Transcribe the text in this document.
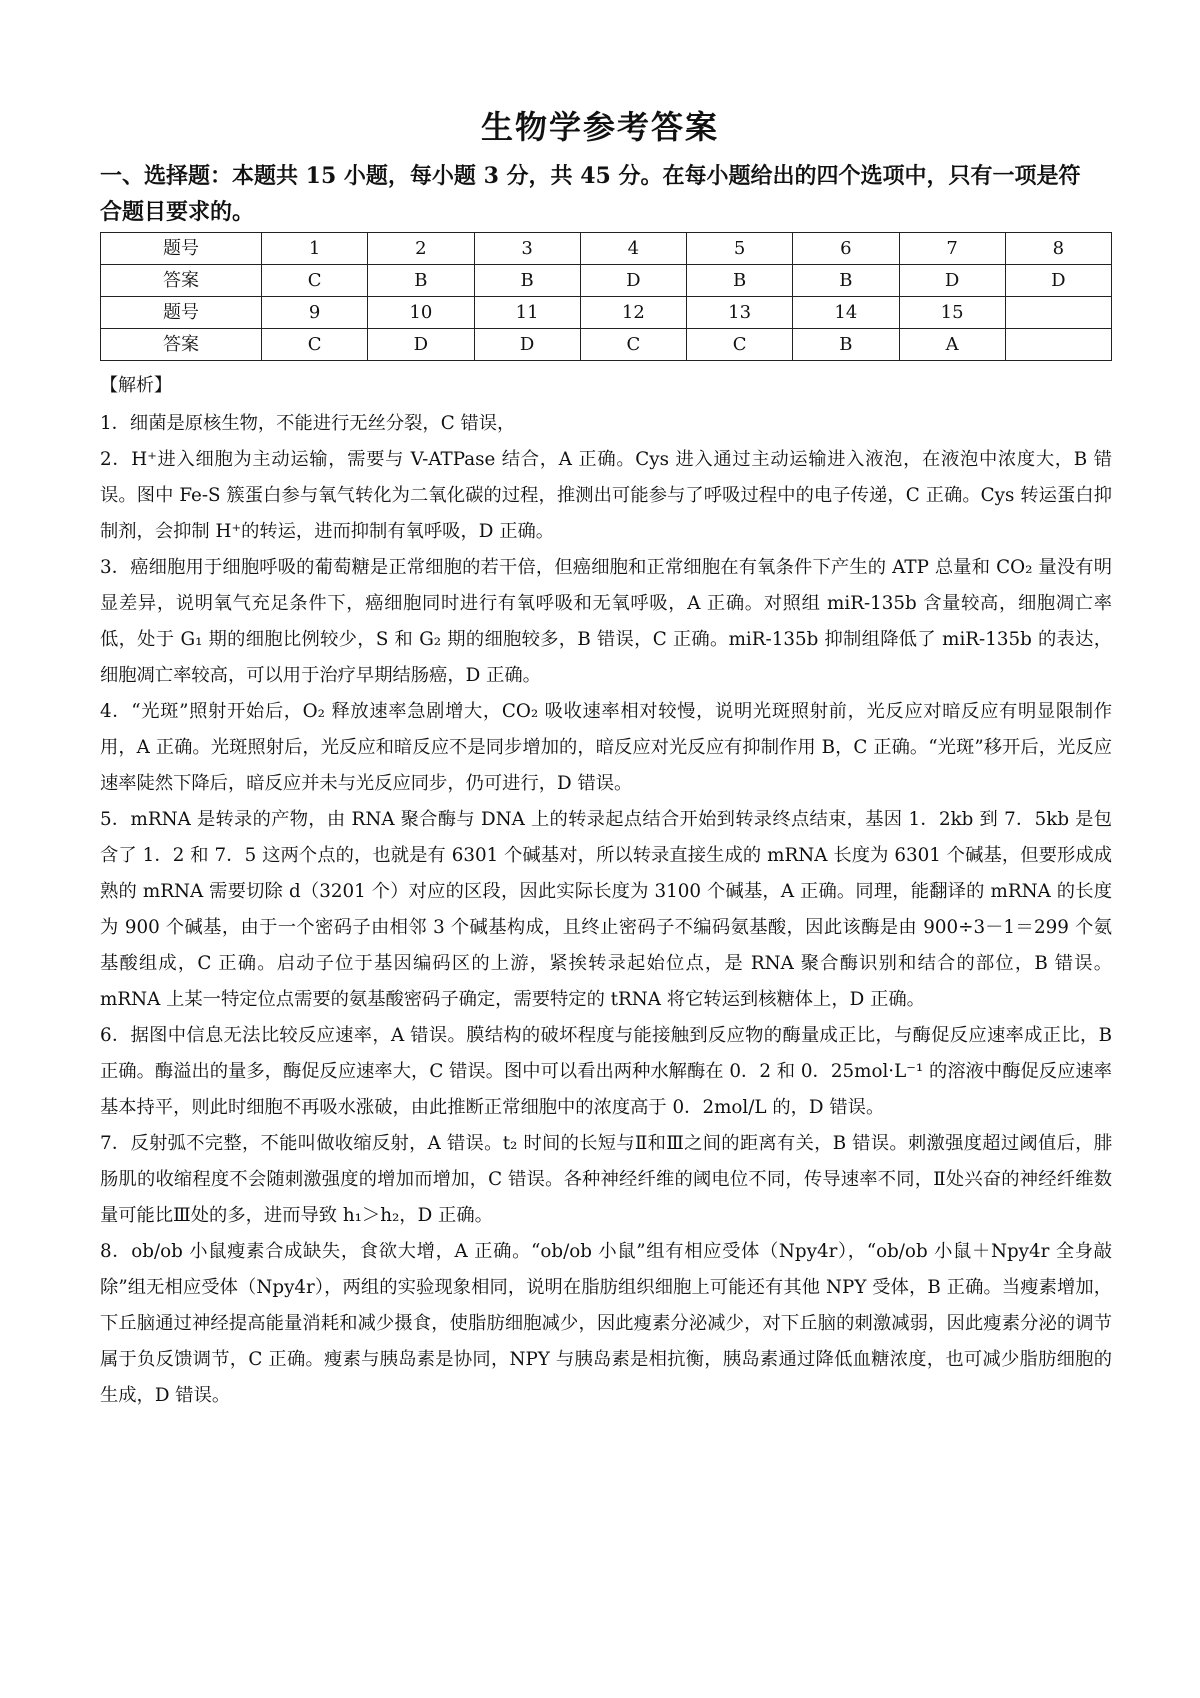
生物学参考答案
一、选择题：本题共 15 小题，每小题 3 分，共 45 分。在每小题给出的四个选项中，只有一项是符合题目要求的。
题号	1	2	3	4	5	6	7	8
答案	C	B	B	D	B	B	D	D
题号	9	10	11	12	13	14	15	
答案	C	D	D	C	C	B	A	
【解析】

1．细菌是原核生物，不能进行无丝分裂，C 错误，

2．H⁺进入细胞为主动运输，需要与 V-ATPase 结合，A 正确。Cys 进入通过主动运输进入液泡，在液泡中浓度大，B 错误。图中 Fe-S 簇蛋白参与氧气转化为二氧化碳的过程，推测出可能参与了呼吸过程中的电子传递，C 正确。Cys 转运蛋白抑制剂，会抑制 H⁺的转运，进而抑制有氧呼吸，D 正确。

3．癌细胞用于细胞呼吸的葡萄糖是正常细胞的若干倍，但癌细胞和正常细胞在有氧条件下产生的 ATP 总量和 CO₂ 量没有明显差异，说明氧气充足条件下，癌细胞同时进行有氧呼吸和无氧呼吸，A 正确。对照组 miR-135b 含量较高，细胞凋亡率低，处于 G₁ 期的细胞比例较少，S 和 G₂ 期的细胞较多，B 错误，C 正确。miR-135b 抑制组降低了 miR-135b 的表达，细胞凋亡率较高，可以用于治疗早期结肠癌，D 正确。

4．“光斑”照射开始后，O₂ 释放速率急剧增大，CO₂ 吸收速率相对较慢，说明光斑照射前，光反应对暗反应有明显限制作用，A 正确。光斑照射后，光反应和暗反应不是同步增加的，暗反应对光反应有抑制作用 B，C 正确。“光斑”移开后，光反应速率陡然下降后，暗反应并未与光反应同步，仍可进行，D 错误。

5．mRNA 是转录的产物，由 RNA 聚合酶与 DNA 上的转录起点结合开始到转录终点结束，基因 1．2kb 到 7．5kb 是包含了 1．2 和 7．5 这两个点的，也就是有 6301 个碱基对，所以转录直接生成的 mRNA 长度为 6301 个碱基，但要形成成熟的 mRNA 需要切除 d（3201 个）对应的区段，因此实际长度为 3100 个碱基，A 正确。同理，能翻译的 mRNA 的长度为 900 个碱基，由于一个密码子由相邻 3 个碱基构成，且终止密码子不编码氨基酸，因此该酶是由 900÷3－1＝299 个氨基酸组成，C 正确。启动子位于基因编码区的上游，紧挨转录起始位点，是 RNA 聚合酶识别和结合的部位，B 错误。mRNA 上某一特定位点需要的氨基酸密码子确定，需要特定的 tRNA 将它转运到核糖体上，D 正确。

6．据图中信息无法比较反应速率，A 错误。膜结构的破坏程度与能接触到反应物的酶量成正比，与酶促反应速率成正比，B 正确。酶溢出的量多，酶促反应速率大，C 错误。图中可以看出两种水解酶在 0．2 和 0．25mol·L⁻¹ 的溶液中酶促反应速率基本持平，则此时细胞不再吸水涨破，由此推断正常细胞中的浓度高于 0．2mol/L 的，D 错误。

7．反射弧不完整，不能叫做收缩反射，A 错误。t₂ 时间的长短与Ⅱ和Ⅲ之间的距离有关，B 错误。刺激强度超过阈值后，腓肠肌的收缩程度不会随刺激强度的增加而增加，C 错误。各种神经纤维的阈电位不同，传导速率不同，Ⅱ处兴奋的神经纤维数量可能比Ⅲ处的多，进而导致 h₁＞h₂，D 正确。

8．ob/ob 小鼠瘦素合成缺失，食欲大增，A 正确。“ob/ob 小鼠”组有相应受体（Npy4r），“ob/ob 小鼠＋Npy4r 全身敲除”组无相应受体（Npy4r），两组的实验现象相同，说明在脂肪组织细胞上可能还有其他 NPY 受体，B 正确。当瘦素增加，下丘脑通过神经提高能量消耗和减少摄食，使脂肪细胞减少，因此瘦素分泌减少，对下丘脑的刺激减弱，因此瘦素分泌的调节属于负反馈调节，C 正确。瘦素与胰岛素是协同，NPY 与胰岛素是相抗衡，胰岛素通过降低血糖浓度，也可减少脂肪细胞的生成，D 错误。
